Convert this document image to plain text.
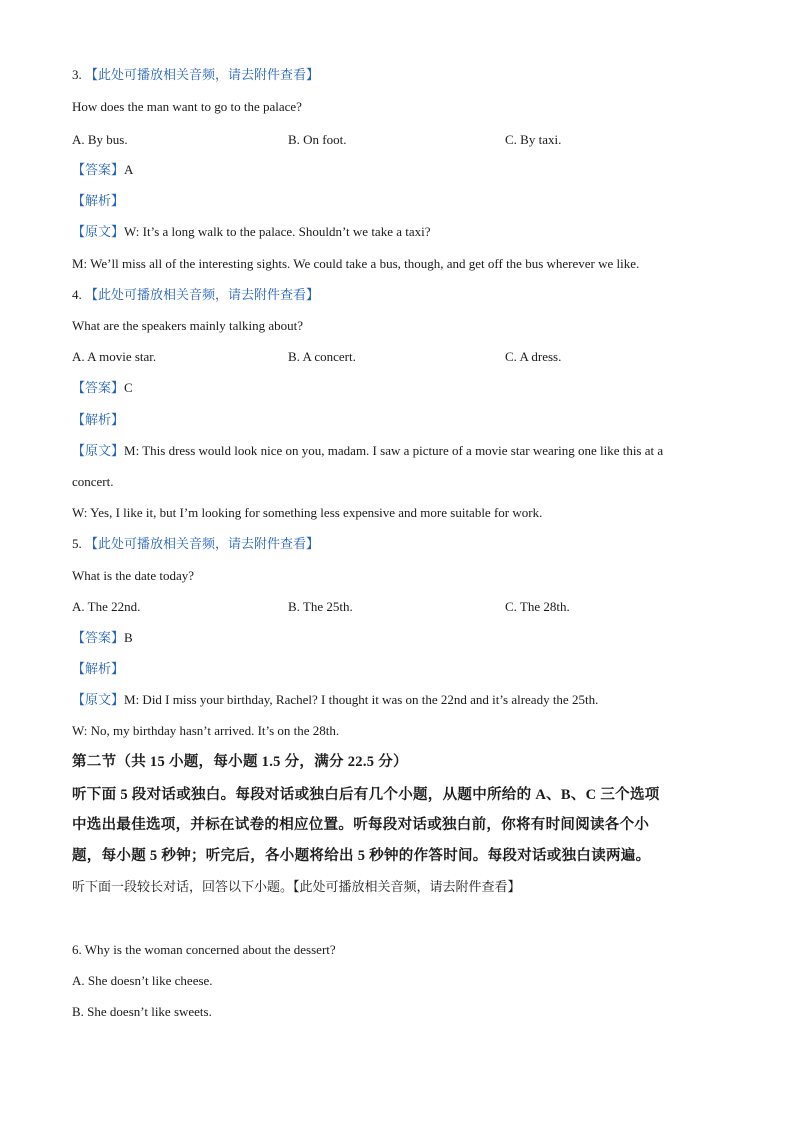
3. 【此处可播放相关音频，请去附件查看】
How does the man want to go to the palace?
A. By bus.	B. On foot.	C. By taxi.
【答案】A
【解析】
【原文】W: It’s a long walk to the palace. Shouldn’t we take a taxi?
M: We’ll miss all of the interesting sights. We could take a bus, though, and get off the bus wherever we like.
4. 【此处可播放相关音频，请去附件查看】
What are the speakers mainly talking about?
A. A movie star.	B. A concert.	C. A dress.
【答案】C
【解析】
【原文】M: This dress would look nice on you, madam. I saw a picture of a movie star wearing one like this at a
concert.
W: Yes, I like it, but I’m looking for something less expensive and more suitable for work.
5. 【此处可播放相关音频，请去附件查看】
What is the date today?
A. The 22nd.	B. The 25th.	C. The 28th.
【答案】B
【解析】
【原文】M: Did I miss your birthday, Rachel? I thought it was on the 22nd and it’s already the 25th.
W: No, my birthday hasn’t arrived. It’s on the 28th.
第二节（共 15 小题，每小题 1.5 分，满分 22.5 分）
听下面 5 段对话或独白。每段对话或独白后有几个小题，从题中所给的 A、B、C 三个选项
中选出最佳选项，并标在试卷的相应位置。听每段对话或独白前，你将有时间阅读各个小
题，每小题 5 秒钟；听完后，各小题将给出 5 秒钟的作答时间。每段对话或独白读两遍。
听下面一段较长对话，回答以下小题。【此处可播放相关音频，请去附件查看】
6. Why is the woman concerned about the dessert?
A. She doesn’t like cheese.
B. She doesn’t like sweets.
